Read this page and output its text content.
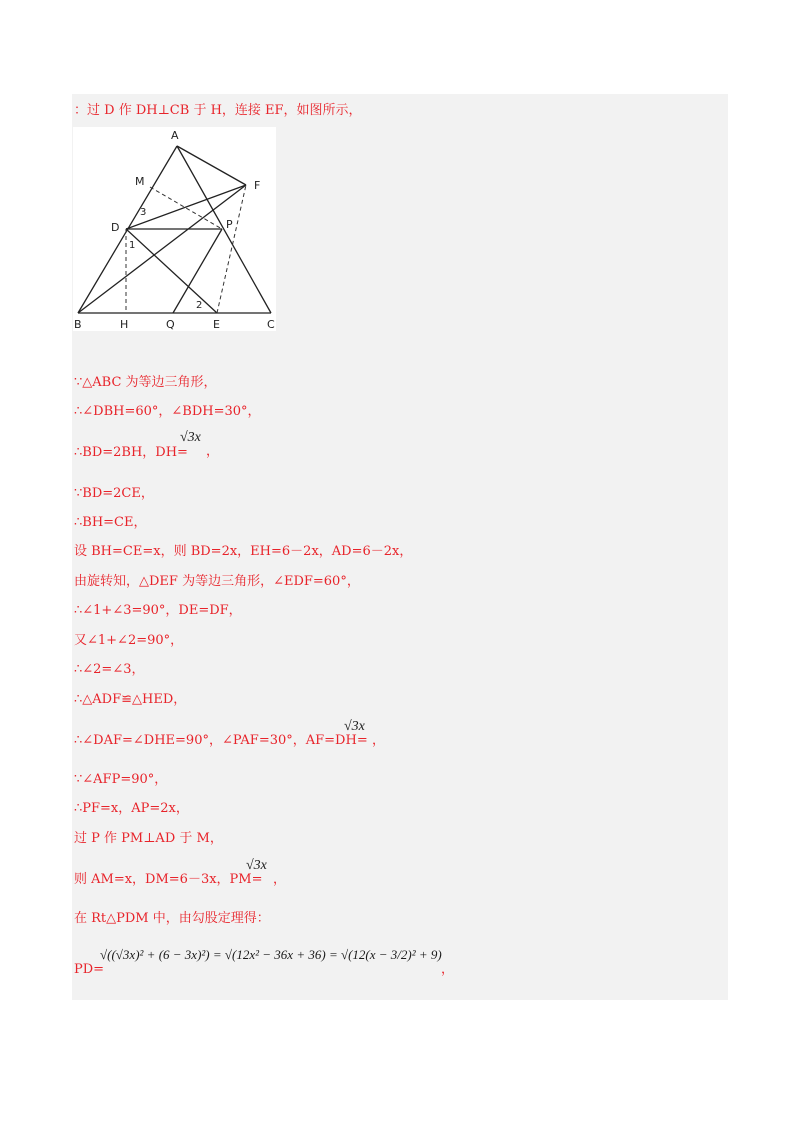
：过 D 作 DH⊥CB 于 H，连接 EF，如图所示，
A
M	F
D	P
B	H	Q	E	C
1
2
3
∵△ABC 为等边三角形，
∴∠DBH=60°，∠BDH=30°，
∴BD=2BH，DH=
√3x
，
∵BD=2CE，
∴BH=CE，
设 BH=CE=x，则 BD=2x，EH=6－2x，AD=6－2x，
由旋转知，△DEF 为等边三角形，∠EDF=60°，
∴∠1+∠3=90°，DE=DF，
又∠1+∠2=90°，
∴∠2=∠3，
∴△ADF≌△HED，
∴∠DAF=∠DHE=90°，∠PAF=30°，AF=DH=
√3x
，
∵∠AFP=90°，
∴PF=x，AP=2x，
过 P 作 PM⊥AD 于 M，
则 AM=x，DM=6－3x，PM=
√3x
，
在 Rt△PDM 中，由勾股定理得：
PD=
√((√3x)² + (6 − 3x)²) = √(12x² − 36x + 36) = √(12(x − 3/2)² + 9)
，
